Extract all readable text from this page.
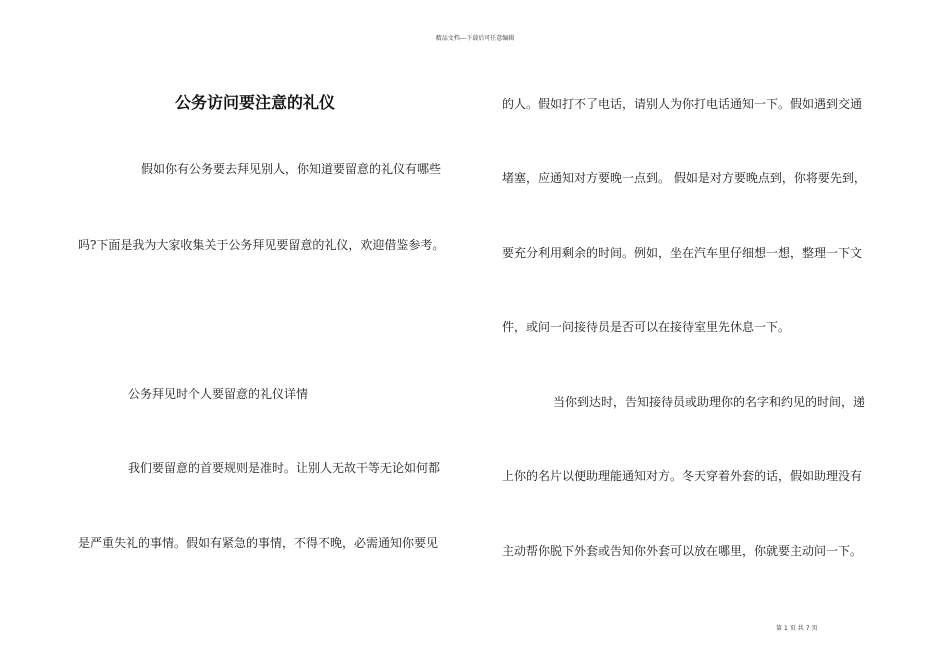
精品文档---下载后可任意编辑
公务访问要注意的礼仪
假如你有公务要去拜见别人，你知道要留意的礼仪有哪些
吗?下面是我为大家收集关于公务拜见要留意的礼仪，欢迎借鉴参考。
公务拜见时个人要留意的礼仪详情
我们要留意的首要规则是准时。让别人无故干等无论如何都
是严重失礼的事情。假如有紧急的事情，不得不晚，必需通知你要见
的人。假如打不了电话，请别人为你打电话通知一下。假如遇到交通
堵塞，应通知对方要晚一点到。 假如是对方要晚点到，你将要先到，
要充分利用剩余的时间。例如，坐在汽车里仔细想一想，整理一下文
件，或问一问接待员是否可以在接待室里先休息一下。
当你到达时，告知接待员或助理你的名字和约见的时间，递
上你的名片以便助理能通知对方。冬天穿着外套的话，假如助理没有
主动帮你脱下外套或告知你外套可以放在哪里，你就要主动问一下。
第 1 页 共 7 页
